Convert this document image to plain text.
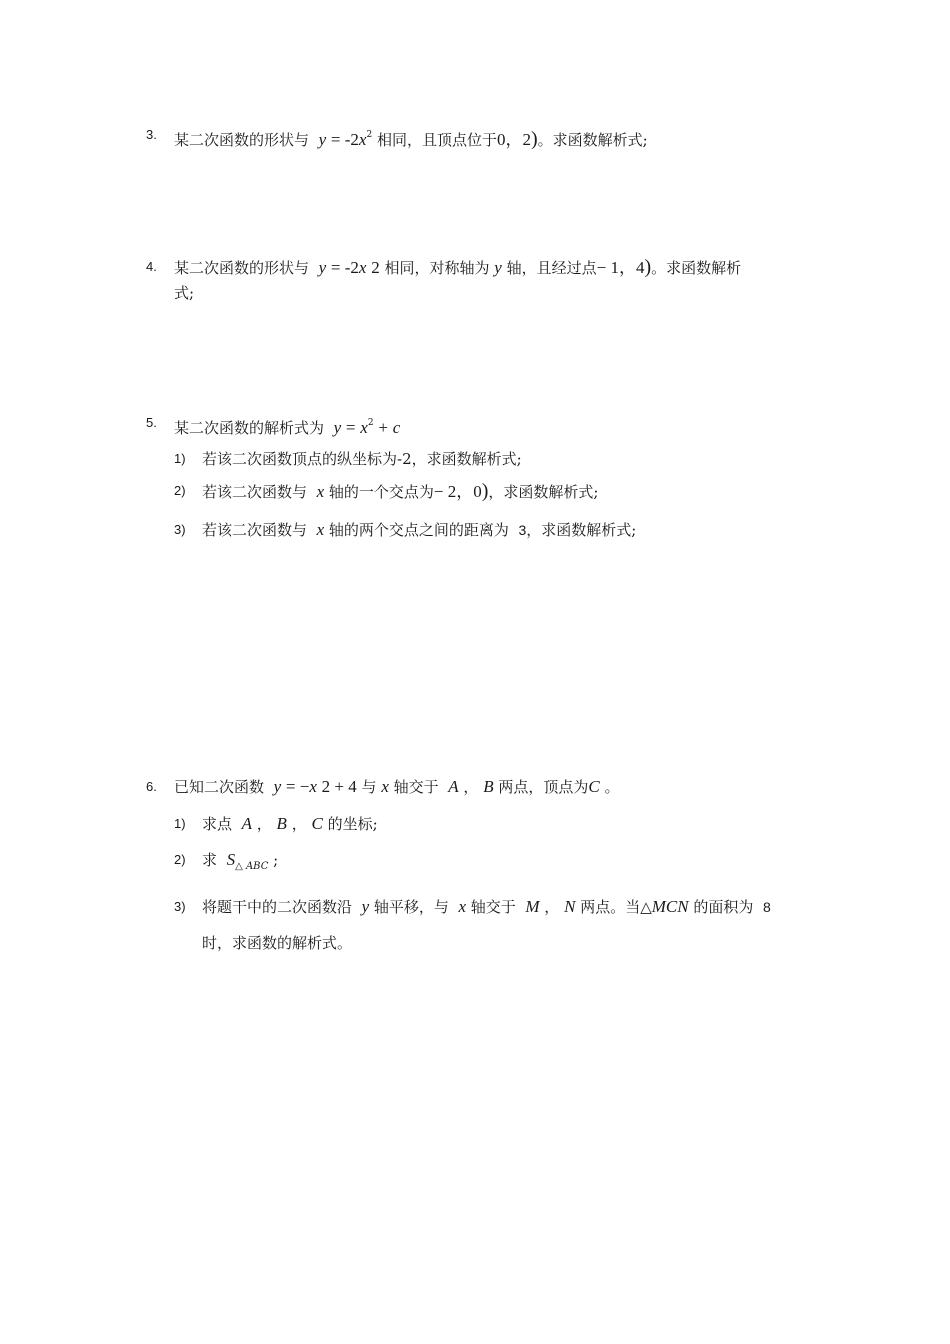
3. 某二次函数的形状与 $y = -2x^2$ 相同，且顶点位于0，2)。求函数解析式;
4. 某二次函数的形状与 y = -2x 2 相同，对称轴为 y 轴，且经过点− 1，4)。求函数解析
式;
5. 某二次函数的解析式为 $y = x^2 + c$
1) 若该二次函数顶点的纵坐标为-2，求函数解析式;
2) 若该二次函数与 x 轴的一个交点为− 2，0)，求函数解析式;
3) 若该二次函数与 x 轴的两个交点之间的距离为 3，求函数解析式;
6. 已知二次函数 y = −x 2 + 4 与 x 轴交于 A ， B 两点，顶点为C 。
1) 求点 A ， B ， C 的坐标;
2) 求 $S_{\triangle ABC}$ ;
3) 将题干中的二次函数沿 y 轴平移，与 x 轴交于 M ， N 两点。当△MCN 的面积为 8
时，求函数的解析式。
